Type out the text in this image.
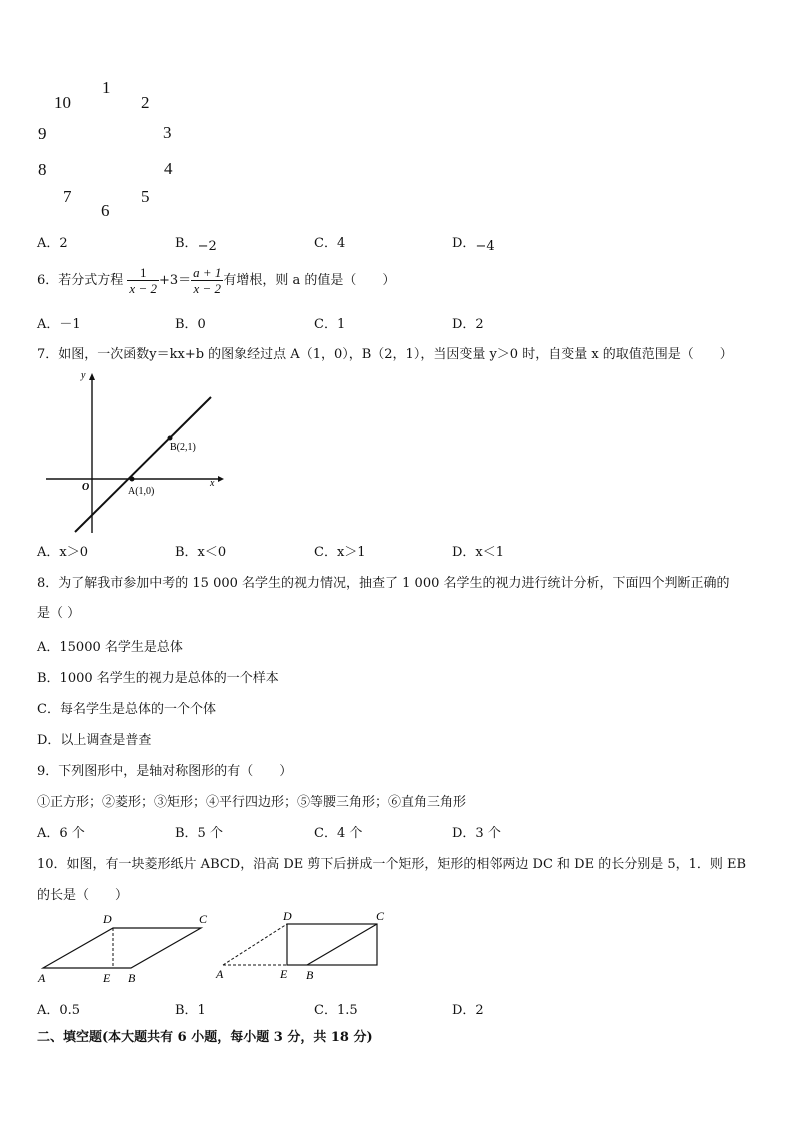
1
2
3
4
5
6
7
8
9
10
A．2	B．−2	C．4	D．−4
6．若分式方程 $\frac{1}{x - 2} +3= \frac{a + 1}{x - 2}$ 有增根，则 a 的值是（　　）
A．－1	B．0	C．1	D．2
7．如图，一次函数y＝kx+b 的图象经过点 A（1，0），B（2，1），当因变量 y＞0 时，自变量 x 的取值范围是（　　）
y
x
O	A(1,0)
B(2,1)
A．x＞0	B．x＜0	C．x＞1	D．x＜1
8．为了解我市参加中考的 15 000 名学生的视力情况，抽查了 1 000 名学生的视力进行统计分析，下面四个判断正确的
是（ ）
A．15000 名学生是总体
B．1000 名学生的视力是总体的一个样本
C．每名学生是总体的一个个体
D．以上调查是普查
9．下列图形中，是轴对称图形的有（　　）
①正方形；②菱形；③矩形；④平行四边形；⑤等腰三角形；⑥直角三角形
A．6 个	B．5 个	C．4 个	D．3 个
10．如图，有一块菱形纸片 ABCD，沿高 DE 剪下后拼成一个矩形，矩形的相邻两边 DC 和 DE 的长分别是 5，1．则 EB
的长是（　　）
D	C
A	E B
D	C
A	E B
A．0.5	B．1	C．1.5	D．2
二、填空题(本大题共有 6 小题，每小题 3 分，共 18 分)
